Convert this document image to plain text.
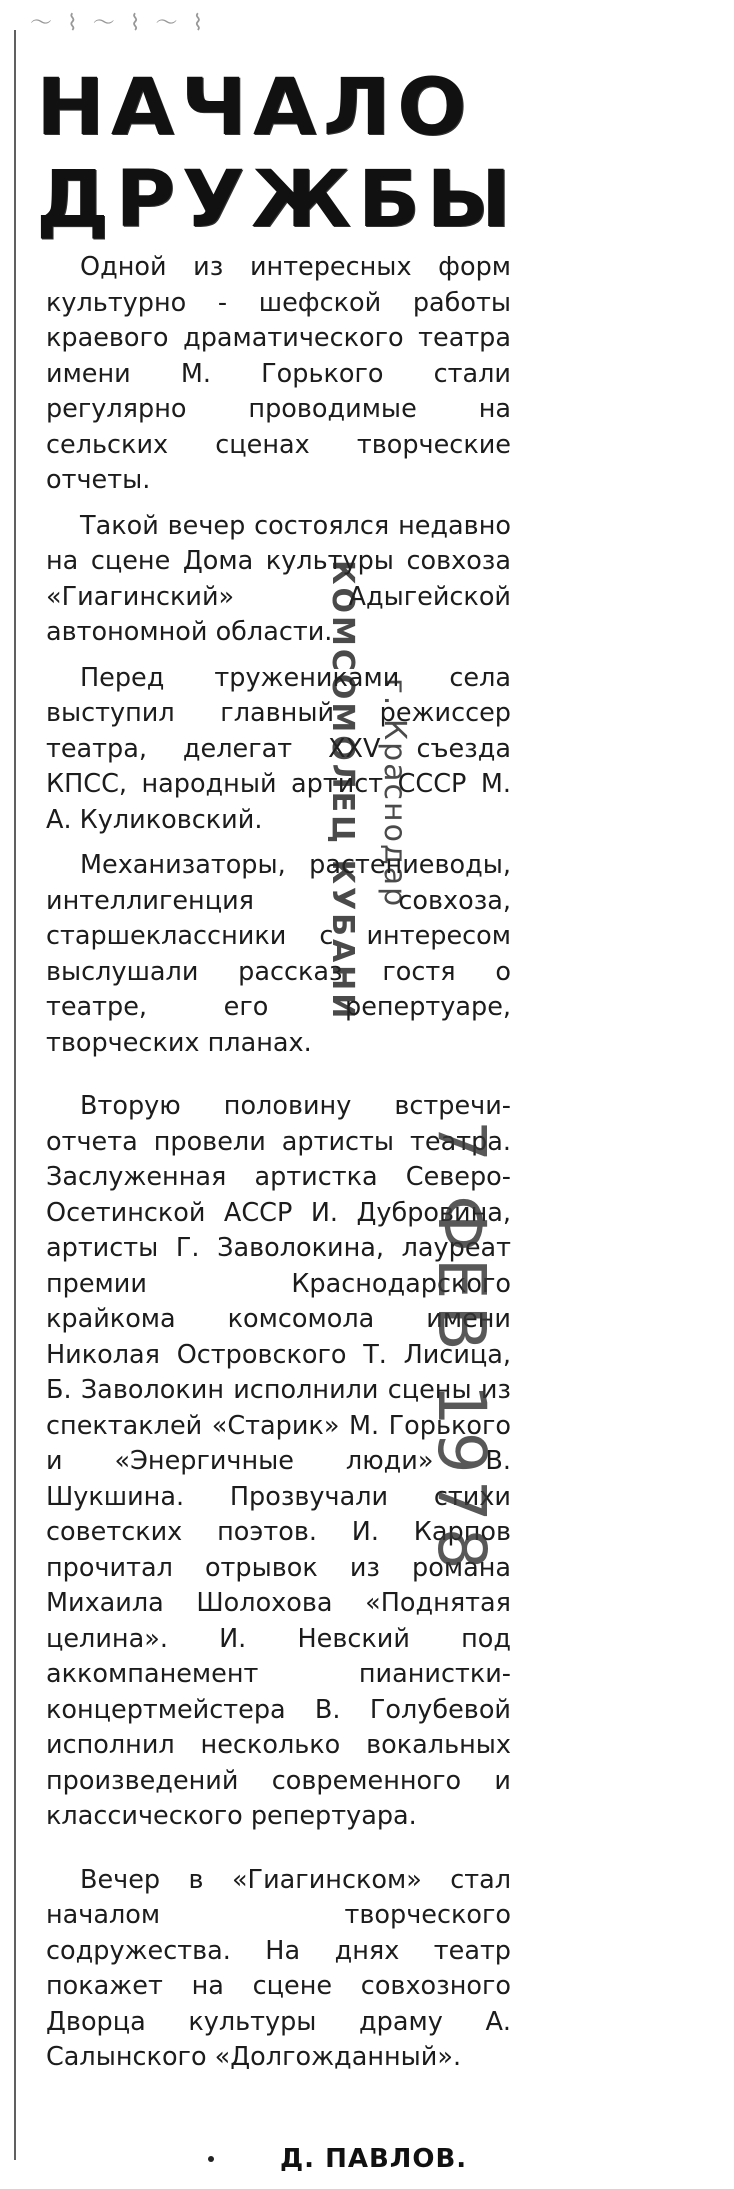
～ ⌇ ～ ⌇ ～ ⌇
НАЧАЛО
ДРУЖБЫ

Одной из интересных форм культурно - шефской работы краевого драматического театра имени М. Горького стали регулярно проводимые на сельских сценах творческие отчеты.

Такой вечер состоялся недавно на сцене Дома культуры совхоза «Гиагинский» Адыгейской автономной области.

Перед тружениками села выступил главный режиссер театра, делегат XXV съезда КПСС, народный артист СССР М. А. Куликовский.

Механизаторы, растениеводы, интеллигенция совхоза, старшеклассники с интересом выслушали рассказ гостя о театре, его репертуаре, творческих планах.

Вторую половину встречи-отчета провели артисты театра. Заслуженная артистка Северо-Осетинской АССР И. Дубровина, артисты Г. Заволокина, лауреат премии Краснодарского крайкома комсомола имени Николая Островского Т. Лисица, Б. Заволокин исполнили сцены из спектаклей «Старик» М. Горького и «Энергичные люди» В. Шукшина. Прозвучали стихи советских поэтов. И. Карпов прочитал отрывок из романа Михаила Шолохова «Поднятая целина». И. Невский под аккомпанемент пианистки-концертмейстера В. Голубевой исполнил несколько вокальных произведений современного и классического репертуара.

Вечер в «Гиагинском» стал началом творческого содружества. На днях театр покажет на сцене совхозного Дворца культуры драму А. Салынского «Долгожданный».

Д. ПАВЛОВ.
КОМСОМОЛЕЦ КУБАНИ г. Краснодар
7 ФЕВ 1978
